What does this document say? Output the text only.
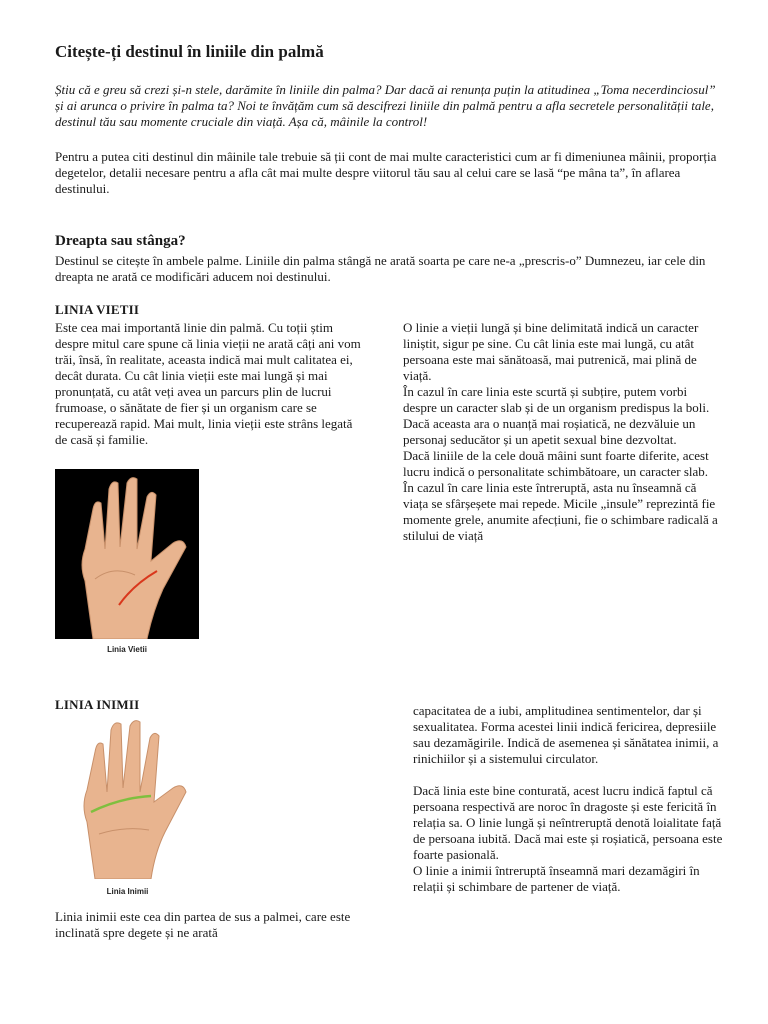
Citește-ți destinul în liniile din palmă

Știu că e greu să crezi și-n stele, darămite în liniile din palma? Dar dacă ai renunța puțin la atitudinea „Toma necerdinciosul” și ai arunca o privire în palma ta? Noi te învățăm cum să descifrezi liniile din palmă pentru a afla secretele personalității tale, destinul tău sau momente cruciale din viață. Așa că, mâinile la control!

Pentru a putea citi destinul din mâinile tale trebuie să ții cont de mai multe caracteristici cum ar fi dimeniunea mâinii, proporția degetelor, detalii necesare pentru a afla cât mai multe despre viitorul tău sau al celui care se lasă “pe mâna ta”, în aflarea destinului.

Dreapta sau stânga?

Destinul se citește în ambele palme. Liniile din palma stângă ne arată soarta pe care ne-a „prescris-o” Dumnezeu, iar cele din dreapta ne arată ce modificări aducem noi destinului.

LINIA VIETII

Este cea mai importantă linie din palmă. Cu toții știm despre mitul care spune că linia vieții ne arată câți ani vom trăi, însă, în realitate, aceasta indică mai mult calitatea ei, decât durata. Cu cât linia vieții este mai lungă și mai pronunțată, cu atât veți avea un parcurs plin de lucrui frumoase, o sănătate de fier și un organism care se recuperează rapid. Mai mult, linia vieții este strâns legată de casă și familie.

Linia Vietii

O linie a vieții lungă și bine delimitată indică un caracter liniștit, sigur pe sine. Cu cât linia este mai lungă, cu atât persoana este mai sănătoasă, mai putrenică, mai plină de viață.

În cazul în care linia este scurtă și subțire, putem vorbi despre un caracter slab și de un organism predispus la boli. Dacă aceasta ara o nuanță mai roșiatică, ne dezvăluie un personaj seducător și un apetit sexual bine dezvoltat.

Dacă liniile de la cele două mâini sunt foarte diferite, acest lucru indică o personalitate schimbătoare, un caracter slab.

În cazul în care linia este întreruptă, asta nu înseamnă că viața se sfârșeșete mai repede. Micile „insule” reprezintă fie momente grele, anumite afecțiuni, fie o schimbare radicală a stilului de viață

LINIA INIMII
Linia Inimii

Linia inimii este cea din partea de sus a palmei, care este inclinată spre degete și ne arată

capacitatea de a iubi, amplitudinea sentimentelor, dar și sexualitatea. Forma acestei linii indică fericirea, depresiile sau dezamăgirile. Indică de asemenea și sănătatea inimii, a rinichiilor și a sistemului circulator.

Dacă linia este bine conturată, acest lucru indică faptul că persoana respectivă are noroc în dragoste și este fericită în relația sa. O linie lungă și neîntreruptă denotă loialitate față de persoana iubită. Dacă mai este și roșiatică, persoana este foarte pasională.

O linie a inimii întreruptă înseamnă mari dezamăgiri în relații și schimbare de partener de viață.
